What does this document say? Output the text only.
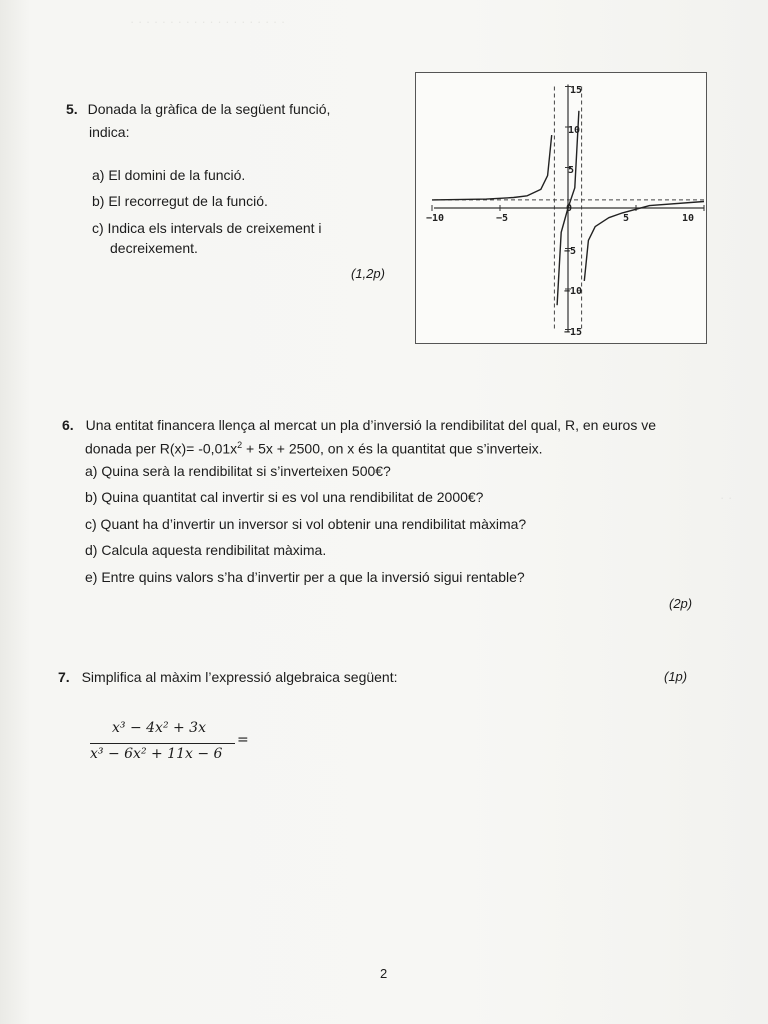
· · · · · · · · · · · · · · · · · · · ·
· ·
5. Donada la gràfica de la següent funció,
indica:
a) El domini de la funció.
b) El recorregut de la funció.
c) Indica els intervals de creixement i
decreixement.
(1,2p)
−10	−5	5	10
15
10
5
−5
−10
−15
0
6. Una entitat financera llença al mercat un pla d’inversió la rendibilitat del qual, R, en euros ve
donada per $R(x)= -0,01x^2 + 5x + 2500$, on x és la quantitat que s’inverteix.
a) Quina serà la rendibilitat si s’inverteixen 500€?
b) Quina quantitat cal invertir si es vol una rendibilitat de 2000€?
c) Quant ha d’invertir un inversor si vol obtenir una rendibilitat màxima?
d) Calcula aquesta rendibilitat màxima.
e) Entre quins valors s’ha d’invertir per a que la inversió sigui rentable?
(2p)
7. Simplifica al màxim l’expressió algebraica següent:	(1p)
x³ − 4x² + 3x
x³ − 6x² + 11x − 6
=
2
